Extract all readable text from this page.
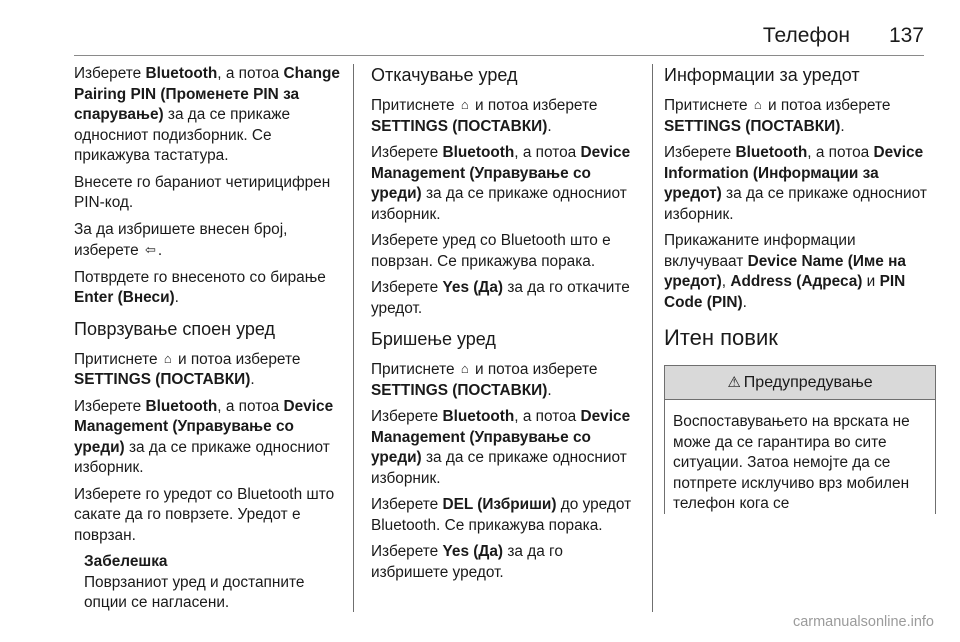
Телефон 137

Изберете Bluetooth, а потоа Change Pairing PIN (Променете PIN за спарување) за да се прикаже односниот подизборник. Се прикажува тастатура.

Внесете го бараниот четирицифрен PIN-код.

За да избришете внесен број, изберете ⇦ .

Потврдете го внесеното со бирање Enter (Внеси).

Поврзување споен уред

Притиснете ⌂ и потоа изберете SETTINGS (ПОСТАВКИ).

Изберете Bluetooth, а потоа Device Management (Управување со уреди) за да се прикаже односниот изборник.

Изберете го уредот со Bluetooth што сакате да го поврзете. Уредот е поврзан.

Забелешка
Поврзаниот уред и достапните опции се нагласени.
Откачување уред

Притиснете ⌂ и потоа изберете SETTINGS (ПОСТАВКИ).

Изберете Bluetooth, а потоа Device Management (Управување со уреди) за да се прикаже односниот изборник.

Изберете уред со Bluetooth што е поврзан. Се прикажува порака.

Изберете Yes (Да) за да го откачите уредот.

Бришење уред

Притиснете ⌂ и потоа изберете SETTINGS (ПОСТАВКИ).

Изберете Bluetooth, а потоа Device Management (Управување со уреди) за да се прикаже односниот изборник.

Изберете DEL (Избриши) до уредот Bluetooth. Се прикажува порака.

Изберете Yes (Да) за да го избришете уредот.

Информации за уредот

Притиснете ⌂ и потоа изберете SETTINGS (ПОСТАВКИ).

Изберете Bluetooth, а потоа Device Information (Информации за уредот) за да се прикаже односниот изборник.

Прикажаните информации вклучуваат Device Name (Име на уредот), Address (Адреса) и PIN Code (PIN).

Итен повик
⚠ Предупредување
Воспоставувањето на врската не може да се гарантира во сите ситуации. Затоа немојте да се потпрете исклучиво врз мобилен телефон кога се
carmanualsonline.info
